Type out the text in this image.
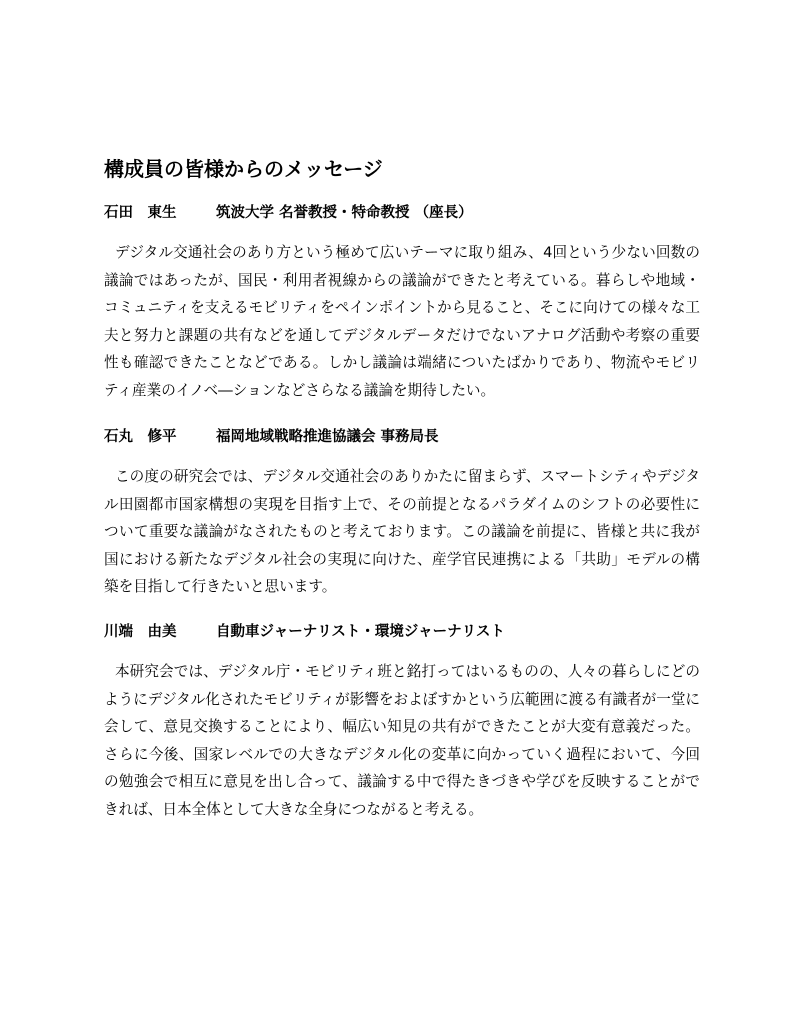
構成員の皆様からのメッセージ
石田　東生	筑波大学 名誉教授・特命教授 （座長）

デジタル交通社会のあり方という極めて広いテーマに取り組み、4回という少ない回数の議論ではあったが、国民・利用者視線からの議論ができたと考えている。暮らしや地域・コミュニティを支えるモビリティをペインポイントから見ること、そこに向けての様々な工夫と努力と課題の共有などを通してデジタルデータだけでないアナログ活動や考察の重要性も確認できたことなどである。しかし議論は端緒についたばかりであり、物流やモビリティ産業のイノベ―ションなどさらなる議論を期待したい。

石丸　修平	福岡地域戦略推進協議会 事務局長

この度の研究会では、デジタル交通社会のありかたに留まらず、スマートシティやデジタル田園都市国家構想の実現を目指す上で、その前提となるパラダイムのシフトの必要性について重要な議論がなされたものと考えております。この議論を前提に、皆様と共に我が国における新たなデジタル社会の実現に向けた、産学官民連携による「共助」モデルの構築を目指して行きたいと思います。

川端　由美	自動車ジャーナリスト・環境ジャーナリスト

本研究会では、デジタル庁・モビリティ班と銘打ってはいるものの、人々の暮らしにどのようにデジタル化されたモビリティが影響をおよぼすかという広範囲に渡る有識者が一堂に会して、意見交換することにより、幅広い知見の共有ができたことが大変有意義だった。さらに今後、国家レベルでの大きなデジタル化の変革に向かっていく過程において、今回の勉強会で相互に意見を出し合って、議論する中で得たきづきや学びを反映することができれば、日本全体として大きな全身につながると考える。
